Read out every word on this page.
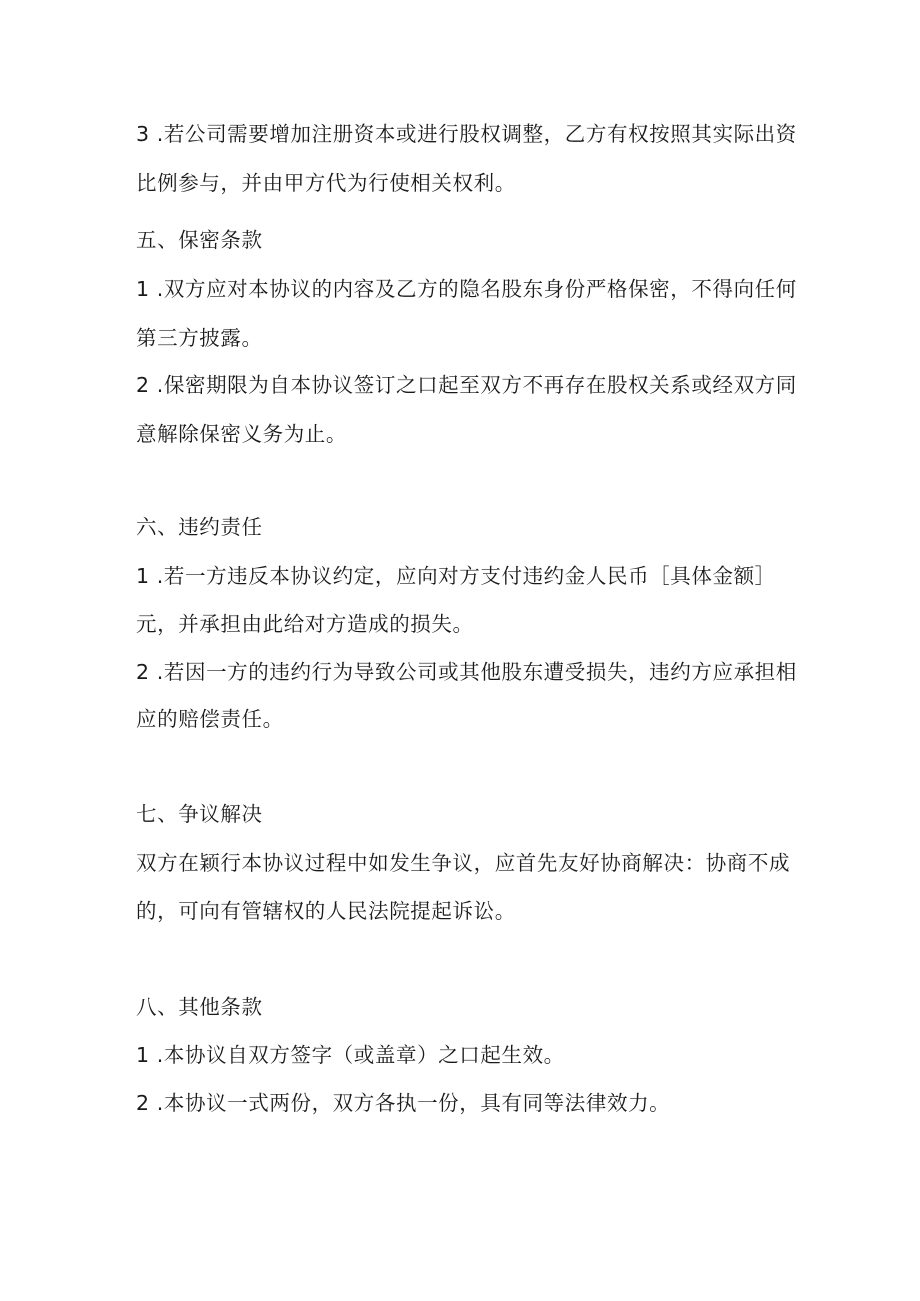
3 .若公司需要增加注册资本或进行股权调整，乙方有权按照其实际出资
比例参与，并由甲方代为行使相关权利。
五、保密条款
1 .双方应对本协议的内容及乙方的隐名股东身份严格保密，不得向任何
第三方披露。
2 .保密期限为自本协议签订之口起至双方不再存在股权关系或经双方同
意解除保密义务为止。
六、违约责任
1 .若一方违反本协议约定，应向对方支付违约金人民币［具体金额］
元，并承担由此给对方造成的损失。
2 .若因一方的违约行为导致公司或其他股东遭受损失，违约方应承担相
应的赔偿责任。
七、争议解决
双方在颖行本协议过程中如发生争议，应首先友好协商解决：协商不成
的，可向有管辖权的人民法院提起诉讼。
八、其他条款
1 .本协议自双方签字（或盖章）之口起生效。
2 .本协议一式两份，双方各执一份，具有同等法律效力。
